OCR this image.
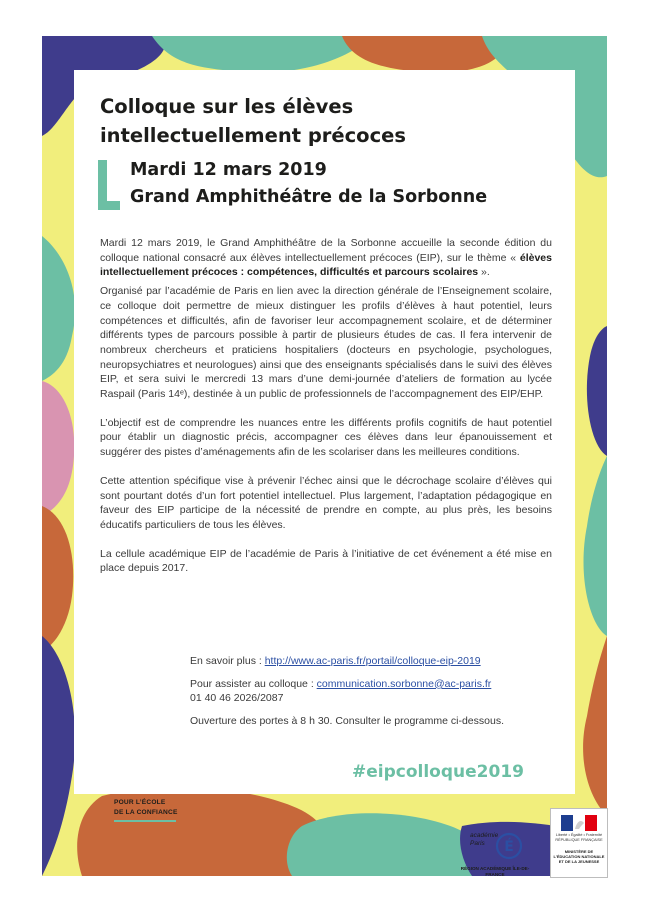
Colloque sur les élèves
intellectuellement précoces
Mardi 12 mars 2019
Grand Amphithéâtre de la Sorbonne

Mardi 12 mars 2019, le Grand Amphithéâtre de la Sorbonne accueille la seconde édition du colloque national consacré aux élèves intellectuellement précoces (EIP), sur le thème « élèves intellectuellement précoces : compétences, difficultés et parcours scolaires ».

Organisé par l’académie de Paris en lien avec la direction générale de l’Enseignement scolaire, ce colloque doit permettre de mieux distinguer les profils d’élèves à haut potentiel, leurs compétences et difficultés, afin de favoriser leur accompagnement scolaire, et de déterminer différents types de parcours possible à partir de plusieurs études de cas. Il fera intervenir de nombreux chercheurs et praticiens hospitaliers (docteurs en psychologie, psychologues, neuropsychiatres et neurologues) ainsi que des enseignants spécialisés dans le suivi des élèves EIP, et sera suivi le mercredi 13 mars d’une demi-journée d’ateliers de formation au lycée Raspail (Paris 14ᵉ), destinée à un public de professionnels de l’accompagnement des EIP/EHP.

L’objectif est de comprendre les nuances entre les différents profils cognitifs de haut potentiel pour établir un diagnostic précis, accompagner ces élèves dans leur épanouissement et suggérer des pistes d’aménagements afin de les scolariser dans les meilleures conditions.

Cette attention spécifique vise à prévenir l’échec ainsi que le décrochage scolaire d’élèves qui sont pourtant dotés d’un fort potentiel intellectuel. Plus largement, l’adaptation pédagogique en faveur des EIP participe de la nécessité de prendre en compte, au plus près, les besoins éducatifs particuliers de tous les élèves.

La cellule académique EIP de l’académie de Paris à l’initiative de cet événement a été mise en place depuis 2017.

En savoir plus : http://www.ac-paris.fr/portail/colloque-eip-2019

Pour assister au colloque : communication.sorbonne@ac-paris.fr
01 40 46 2026/2087

Ouverture des portes à 8 h 30. Consulter le programme ci-dessous.

#eipcolloque2019
POUR L’ÉCOLE
DE LA CONFIANCE
É
académie
Paris
RÉGION ACADÉMIQUE ÎLE-DE-FRANCE
Liberté • Égalité • Fraternité RÉPUBLIQUE FRANÇAISE
MINISTÈRE DE L’ÉDUCATION NATIONALE ET DE LA JEUNESSE
